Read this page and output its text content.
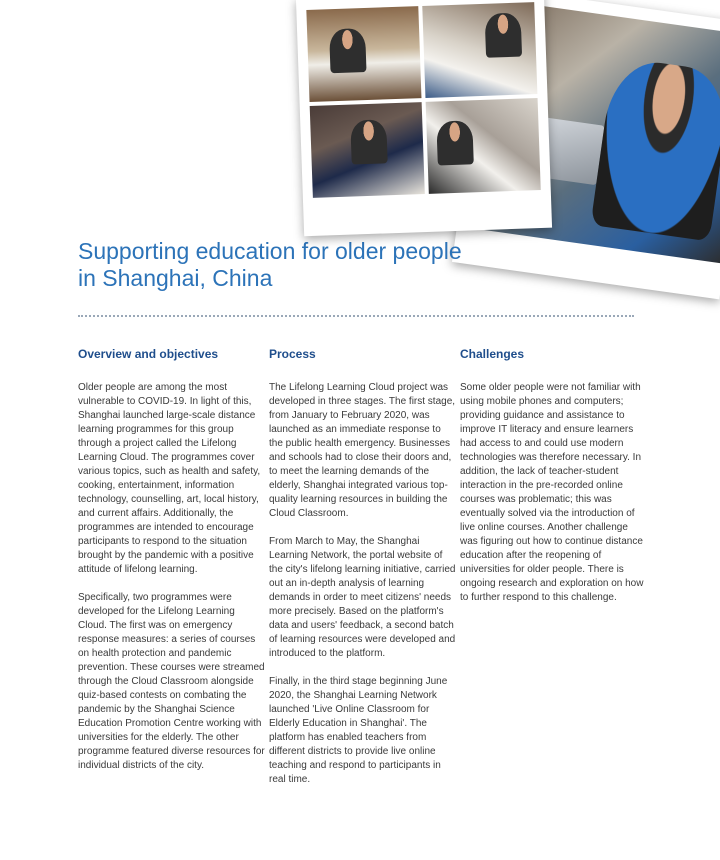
Supporting education for older people
in Shanghai, China
Overview and objectives

Older people are among the most vulnerable to COVID-19. In light of this, Shanghai launched large-scale distance learning programmes for this group through a project called the Lifelong Learning Cloud. The programmes cover various topics, such as health and safety, cooking, entertainment, information technology, counselling, art, local history, and current affairs. Additionally, the programmes are intended to encourage participants to respond to the situation brought by the pandemic with a positive attitude of lifelong learning.

Specifically, two programmes were developed for the Lifelong Learning Cloud. The first was on emergency response measures: a series of courses on health protection and pandemic prevention. These courses were streamed through the Cloud Classroom alongside quiz-based contests on combating the pandemic by the Shanghai Science Education Promotion Centre working with universities for the elderly. The other programme featured diverse resources for individual districts of the city.

Process

The Lifelong Learning Cloud project was developed in three stages. The first stage, from January to February 2020, was launched as an immediate response to the public health emergency. Businesses and schools had to close their doors and, to meet the learning demands of the elderly, Shanghai integrated various top-quality learning resources in building the Cloud Classroom.

From March to May, the Shanghai Learning Network, the portal website of the city's lifelong learning initiative, carried out an in-depth analysis of learning demands in order to meet citizens' needs more precisely. Based on the platform's data and users' feedback, a second batch of learning resources were developed and introduced to the platform.

Finally, in the third stage beginning June 2020, the Shanghai Learning Network launched 'Live Online Classroom for Elderly Education in Shanghai'. The platform has enabled teachers from different districts to provide live online teaching and respond to participants in real time.

Challenges

Some older people were not familiar with using mobile phones and computers; providing guidance and assistance to improve IT literacy and ensure learners had access to and could use modern technologies was therefore necessary. In addition, the lack of teacher-student interaction in the pre-recorded online courses was problematic; this was eventually solved via the introduction of live online courses. Another challenge was figuring out how to continue distance education after the reopening of universities for older people. There is ongoing research and exploration on how to further respond to this challenge.
